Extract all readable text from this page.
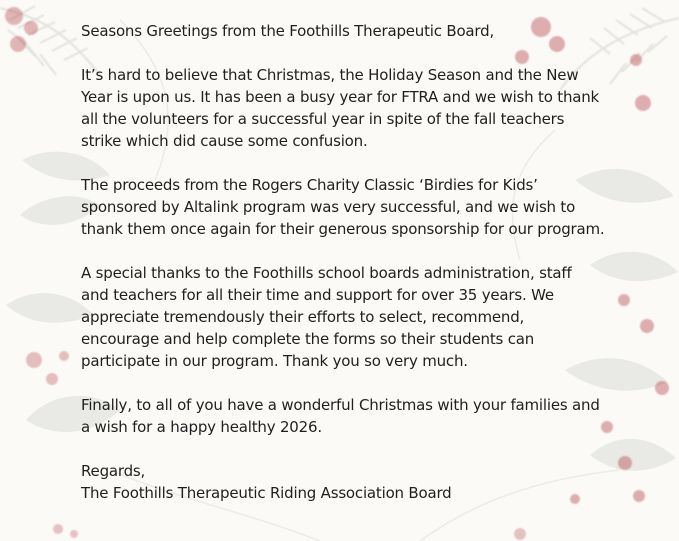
Seasons Greetings from the Foothills Therapeutic Board,
It’s hard to believe that Christmas, the Holiday Season and the New
Year is upon us. It has been a busy year for FTRA and we wish to thank
all the volunteers for a successful year in spite of the fall teachers
strike which did cause some confusion.
The proceeds from the Rogers Charity Classic ‘Birdies for Kids’
sponsored by Altalink program was very successful, and we wish to
thank them once again for their generous sponsorship for our program.
A special thanks to the Foothills school boards administration, staff
and teachers for all their time and support for over 35 years. We
appreciate tremendously their efforts to select, recommend,
encourage and help complete the forms so their students can
participate in our program. Thank you so very much.
Finally, to all of you have a wonderful Christmas with your families and
a wish for a happy healthy 2026.
Regards,
The Foothills Therapeutic Riding Association Board
